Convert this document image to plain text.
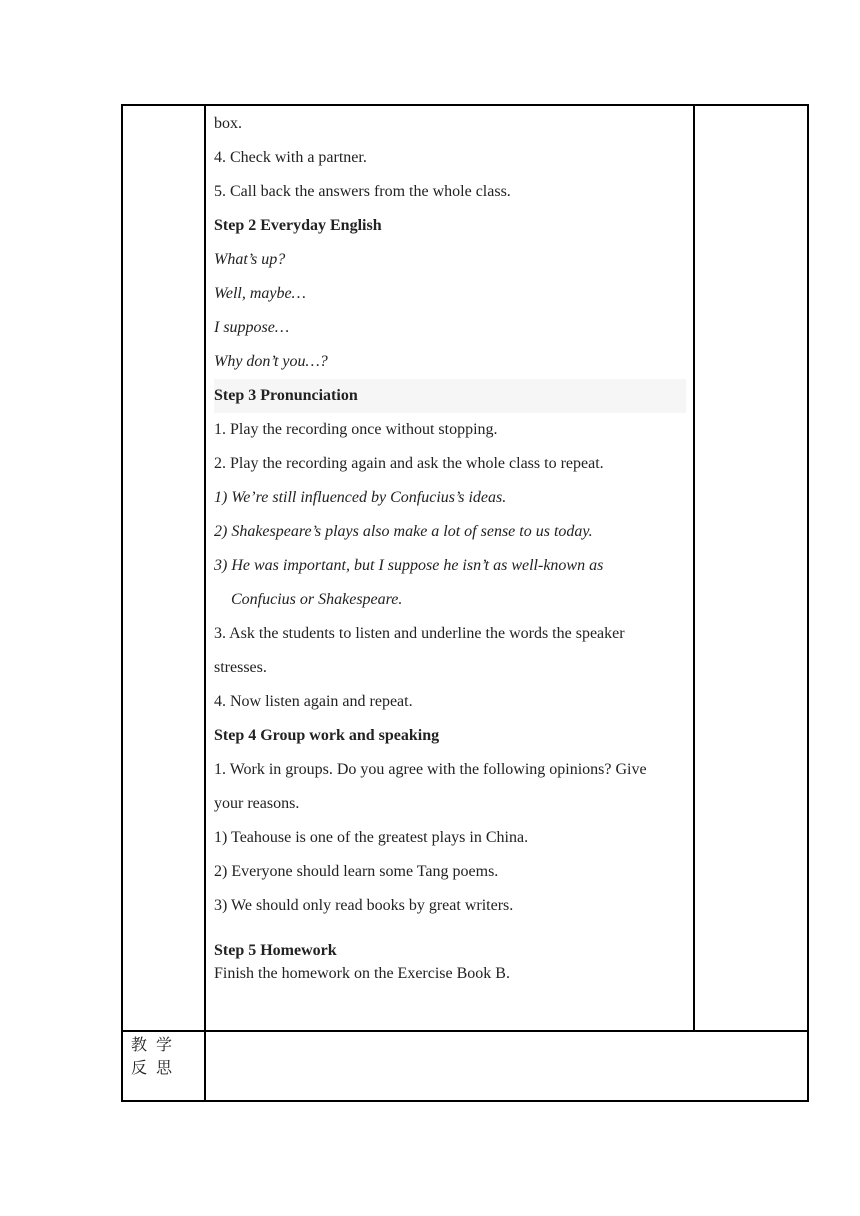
box.
4. Check with a partner.
5. Call back the answers from the whole class.
Step 2 Everyday English
What’s up?
Well, maybe…
I suppose…
Why don’t you…?
Step 3 Pronunciation
1. Play the recording once without stopping.
2. Play the recording again and ask the whole class to repeat.
1) We’re still influenced by Confucius’s ideas.
2) Shakespeare’s plays also make a lot of sense to us today.
3) He was important, but I suppose he isn’t as well-known as
Confucius or Shakespeare.
3. Ask the students to listen and underline the words the speaker
stresses.
4. Now listen again and repeat.
Step 4 Group work and speaking
1. Work in groups. Do you agree with the following opinions? Give
your reasons.
1) Teahouse is one of the greatest plays in China.
2) Everyone should learn some Tang poems.
3) We should only read books by great writers.
Step 5 Homework
Finish the homework on the Exercise Book B.
教学反思
